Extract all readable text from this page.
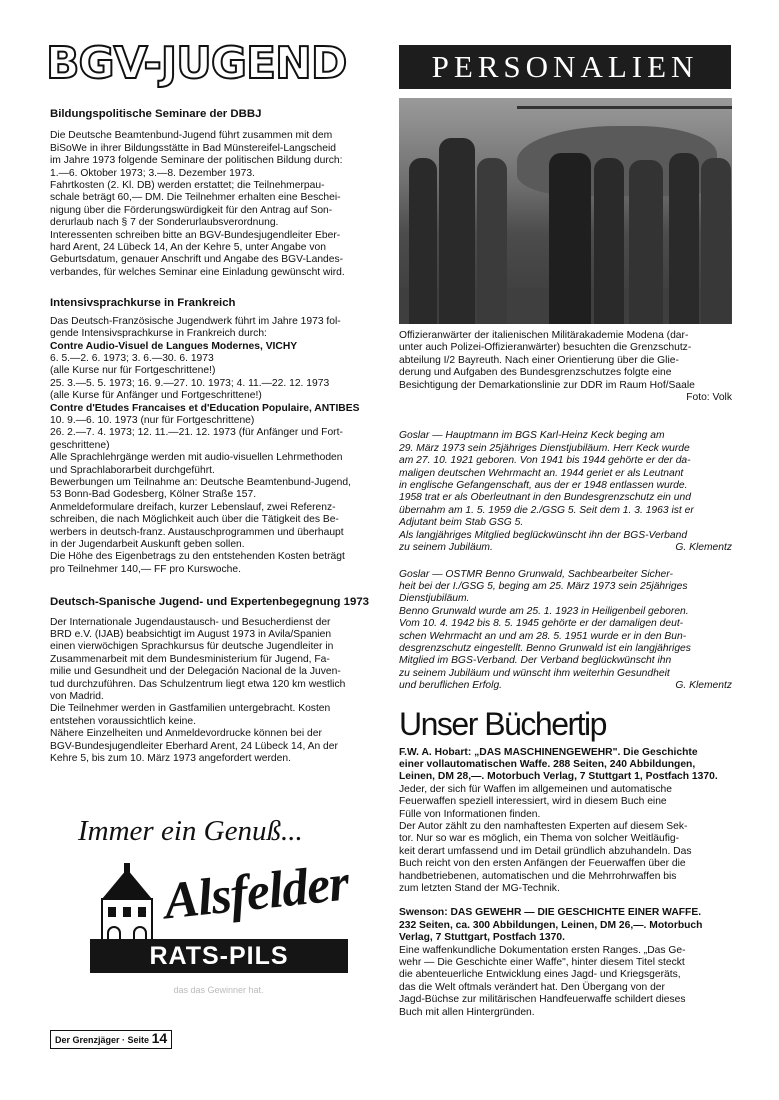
BGV-JUGEND	PERSONALIEN

Bildungspolitische Seminare der DBBJ

Die Deutsche Beamtenbund-Jugend führt zusammen mit dem

BiSoWe in ihrer Bildungsstätte in Bad Münstereifel-Langscheid

im Jahre 1973 folgende Seminare der politischen Bildung durch:

1.—6. Oktober 1973; 3.—8. Dezember 1973.

Fahrtkosten (2. Kl. DB) werden erstattet; die Teilnehmerpau-

schale beträgt 60,— DM. Die Teilnehmer erhalten eine Beschei-

nigung über die Förderungswürdigkeit für den Antrag auf Son-

derurlaub nach § 7 der Sonderurlaubsverordnung.

Interessenten schreiben bitte an BGV-Bundesjugendleiter Eber-

hard Arent, 24 Lübeck 14, An der Kehre 5, unter Angabe von

Geburtsdatum, genauer Anschrift und Angabe des BGV-Landes-

verbandes, für welches Seminar eine Einladung gewünscht wird.

Intensivsprachkurse in Frankreich

Das Deutsch-Französische Jugendwerk führt im Jahre 1973 fol-

gende Intensivsprachkurse in Frankreich durch:

Contre Audio-Visuel de Langues Modernes, VICHY

6. 5.—2. 6. 1973; 3. 6.—30. 6. 1973

(alle Kurse nur für Fortgeschrittene!)

25. 3.—5. 5. 1973; 16. 9.—27. 10. 1973; 4. 11.—22. 12. 1973

(alle Kurse für Anfänger und Fortgeschrittene!)

Contre d'Etudes Francaises et d'Education Populaire, ANTIBES

10. 9.—6. 10. 1973 (nur für Fortgeschrittene)

26. 2.—7. 4. 1973; 12. 11.—21. 12. 1973 (für Anfänger und Fort-

geschrittene)

Alle Sprachlehrgänge werden mit audio-visuellen Lehrmethoden

und Sprachlaborarbeit durchgeführt.

Bewerbungen um Teilnahme an: Deutsche Beamtenbund-Jugend,

53 Bonn-Bad Godesberg, Kölner Straße 157.

Anmeldeformulare dreifach, kurzer Lebenslauf, zwei Referenz-

schreiben, die nach Möglichkeit auch über die Tätigkeit des Be-

werbers in deutsch-franz. Austauschprogrammen und überhaupt

in der Jugendarbeit Auskunft geben sollen.

Die Höhe des Eigenbetrags zu den entstehenden Kosten beträgt

pro Teilnehmer 140,— FF pro Kurswoche.

Deutsch-Spanische Jugend- und Expertenbegegnung 1973

Der Internationale Jugendaustausch- und Besucherdienst der

BRD e.V. (IJAB) beabsichtigt im August 1973 in Avila/Spanien

einen vierwöchigen Sprachkursus für deutsche Jugendleiter in

Zusammenarbeit mit dem Bundesministerium für Jugend, Fa-

milie und Gesundheit und der Delegación Nacional de la Juven-

tud durchzuführen. Das Schulzentrum liegt etwa 120 km westlich

von Madrid.

Die Teilnehmer werden in Gastfamilien untergebracht. Kosten

entstehen voraussichtlich keine.

Nähere Einzelheiten und Anmeldevordrucke können bei der

BGV-Bundesjugendleiter Eberhard Arent, 24 Lübeck 14, An der

Kehre 5, bis zum 10. März 1973 angefordert werden.

Immer ein Genuß...
Alsfelder
RATS-PILS
das das Gewinner hat.
Der Grenzjäger · Seite 14

Offizieranwärter der italienischen Militärakademie Modena (dar-

unter auch Polizei-Offizieranwärter) besuchten die Grenzschutz-

abteilung I/2 Bayreuth. Nach einer Orientierung über die Glie-

derung und Aufgaben des Bundesgrenzschutzes folgte eine

Besichtigung der Demarkationslinie zur DDR im Raum Hof/Saale

Foto: Volk

Goslar — Hauptmann im BGS Karl-Heinz Keck beging am

29. März 1973 sein 25jähriges Dienstjubiläum. Herr Keck wurde

am 27. 10. 1921 geboren. Von 1941 bis 1944 gehörte er der da-

maligen deutschen Wehrmacht an. 1944 geriet er als Leutnant

in englische Gefangenschaft, aus der er 1948 entlassen wurde.

1958 trat er als Oberleutnant in den Bundesgrenzschutz ein und

übernahm am 1. 5. 1959 die 2./GSG 5. Seit dem 1. 3. 1963 ist er

Adjutant beim Stab GSG 5.

Als langjähriges Mitglied beglückwünscht ihn der BGS-Verband

zu seinem Jubiläum.	G. Klementz

Goslar — OSTMR Benno Grunwald, Sachbearbeiter Sicher-

heit bei der I./GSG 5, beging am 25. März 1973 sein 25jähriges

Dienstjubiläum.

Benno Grunwald wurde am 25. 1. 1923 in Heiligenbeil geboren.

Vom 10. 4. 1942 bis 8. 5. 1945 gehörte er der damaligen deut-

schen Wehrmacht an und am 28. 5. 1951 wurde er in den Bun-

desgrenzschutz eingestellt. Benno Grunwald ist ein langjähriges

Mitglied im BGS-Verband. Der Verband beglückwünscht ihn

zu seinem Jubiläum und wünscht ihm weiterhin Gesundheit

und beruflichen Erfolg.	G. Klementz

Unser Büchertip

F.W. A. Hobart: „DAS MASCHINENGEWEHR". Die Geschichte

einer vollautomatischen Waffe. 288 Seiten, 240 Abbildungen,

Leinen, DM 28,—. Motorbuch Verlag, 7 Stuttgart 1, Postfach 1370.

Jeder, der sich für Waffen im allgemeinen und automatische

Feuerwaffen speziell interessiert, wird in diesem Buch eine

Fülle von Informationen finden.

Der Autor zählt zu den namhaftesten Experten auf diesem Sek-

tor. Nur so war es möglich, ein Thema von solcher Weitläufig-

keit derart umfassend und im Detail gründlich abzuhandeln. Das

Buch reicht von den ersten Anfängen der Feuerwaffen über die

handbetriebenen, automatischen und die Mehrrohrwaffen bis

zum letzten Stand der MG-Technik.

Swenson: DAS GEWEHR — DIE GESCHICHTE EINER WAFFE.

232 Seiten, ca. 300 Abbildungen, Leinen, DM 26,—. Motorbuch

Verlag, 7 Stuttgart, Postfach 1370.

Eine waffenkundliche Dokumentation ersten Ranges. „Das Ge-

wehr — Die Geschichte einer Waffe", hinter diesem Titel steckt

die abenteuerliche Entwicklung eines Jagd- und Kriegsgeräts,

das die Welt oftmals verändert hat. Den Übergang von der

Jagd-Büchse zur militärischen Handfeuerwaffe schildert dieses

Buch mit allen Hintergründen.
